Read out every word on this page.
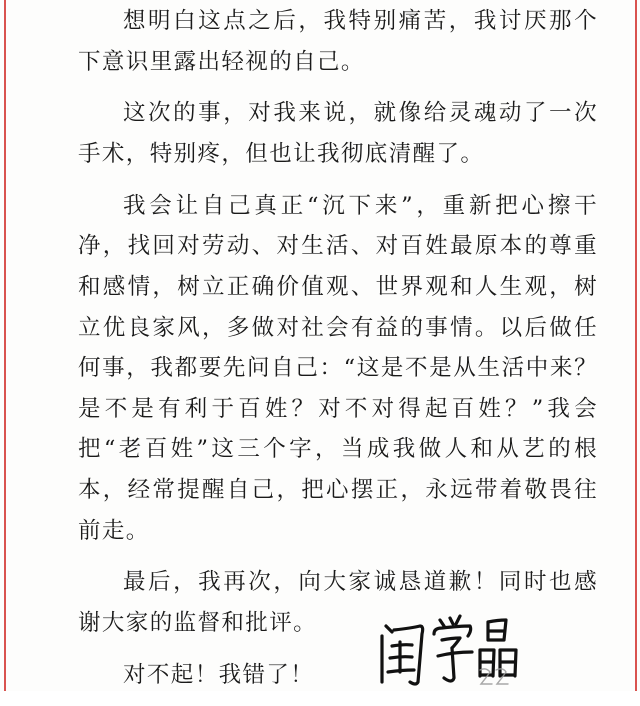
想明白这点之后，我特别痛苦，我讨厌那个下意识里露出轻视的自己。

这次的事，对我来说，就像给灵魂动了一次手术，特别疼，但也让我彻底清醒了。

我会让自己真正“沉下来”，重新把心擦干净，找回对劳动、对生活、对百姓最原本的尊重和感情，树立正确价值观、世界观和人生观，树立优良家风，多做对社会有益的事情。以后做任何事，我都要先问自己：“这是不是从生活中来？是不是有利于百姓？对不对得起百姓？”我会把“老百姓”这三个字，当成我做人和从艺的根本，经常提醒自己，把心摆正，永远带着敬畏往前走。

最后，我再次，向大家诚恳道歉！同时也感谢大家的监督和批评。

对不起！我错了！
